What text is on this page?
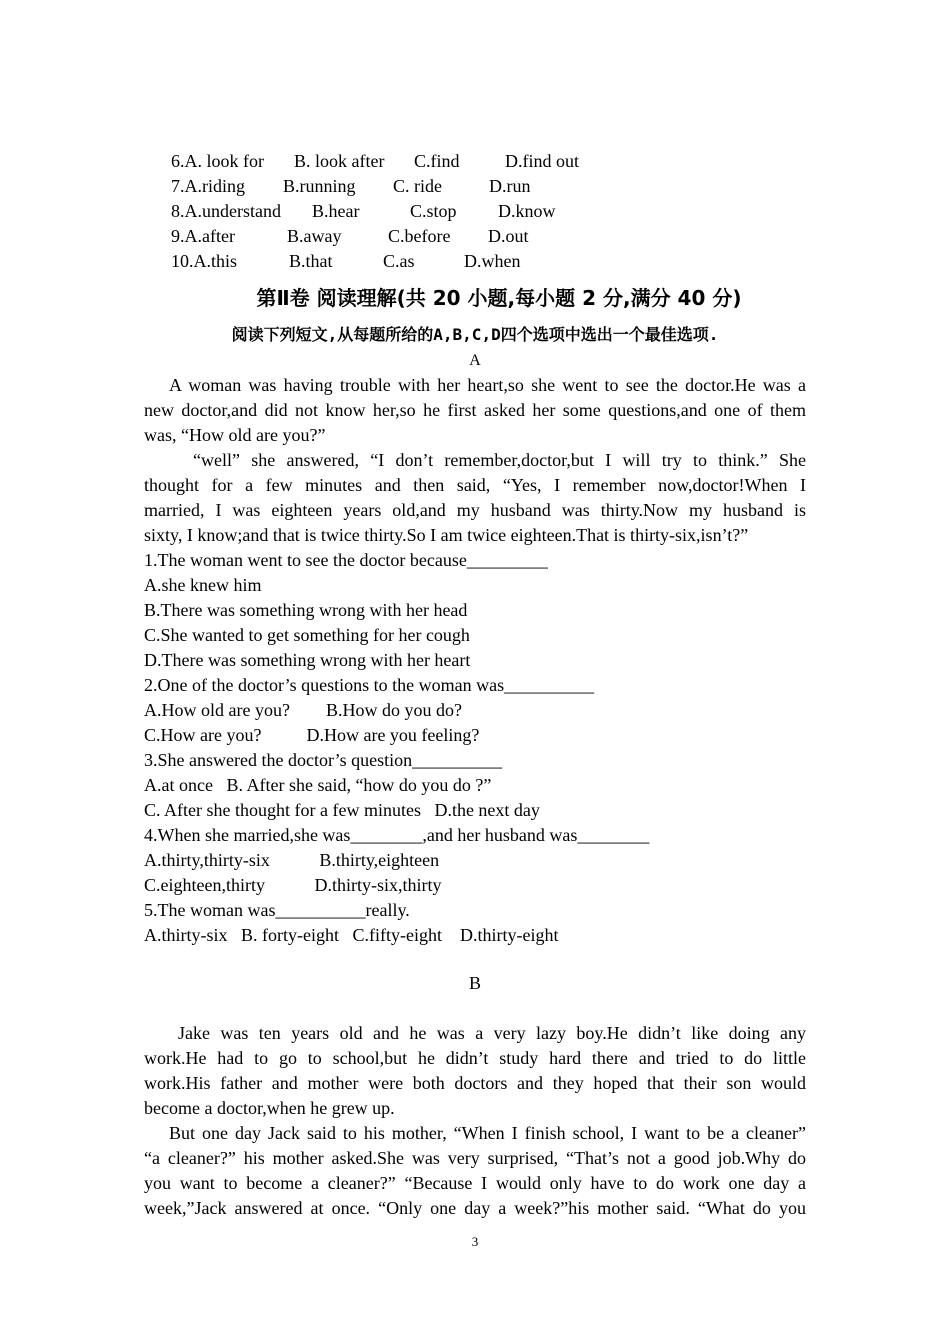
6.A. look for B. look after C.find	D.find out

7.A.riding B.running C. ride	D.run

8.A.understand B.hear	C.stop D.know

9.A.after	B.away	C.before D.out

10.A.this	B.that	C.as	D.when

第Ⅱ卷 阅读理解(共 20 小题,每小题 2 分,满分 40 分)
阅读下列短文,从每题所给的A,B,C,D四个选项中选出一个最佳选项.
A
A woman was having trouble with her heart,so she went to see the doctor.He was a
new doctor,and did not know her,so he first asked her some questions,and one of them
was, “How old are you?”
“well” she answered, “I don’t remember,doctor,but I will try to think.” She
thought for a few minutes and then said, “Yes, I remember now,doctor!When I
married, I was eighteen years old,and my husband was thirty.Now my husband is
sixty, I know;and that is twice thirty.So I am twice eighteen.That is thirty-six,isn’t?”
1.The woman went to see the doctor because_________
A.she knew him
B.There was something wrong with her head
C.She wanted to get something for her cough
D.There was something wrong with her heart
2.One of the doctor’s questions to the woman was__________
A.How old are you?        B.How do you do?
C.How are you?          D.How are you feeling?
3.She answered the doctor’s question__________
A.at once   B. After she said, “how do you do ?”
C. After she thought for a few minutes   D.the next day
4.When she married,she was________,and her husband was________
A.thirty,thirty-six           B.thirty,eighteen
C.eighteen,thirty           D.thirty-six,thirty
5.The woman was__________really.
A.thirty-six   B. forty-eight   C.fifty-eight    D.thirty-eight
B
Jake was ten years old and he was a very lazy boy.He didn’t like doing any
work.He had to go to school,but he didn’t study hard there and tried to do little
work.His father and mother were both doctors and they hoped that their son would
become a doctor,when he grew up.
But one day Jack said to his mother, “When I finish school, I want to be a cleaner”
“a cleaner?” his mother asked.She was very surprised, “That’s not a good job.Why do
you want to become a cleaner?” “Because I would only have to do work one day a
week,”Jack answered at once. “Only one day a week?”his mother said. “What do you
3
